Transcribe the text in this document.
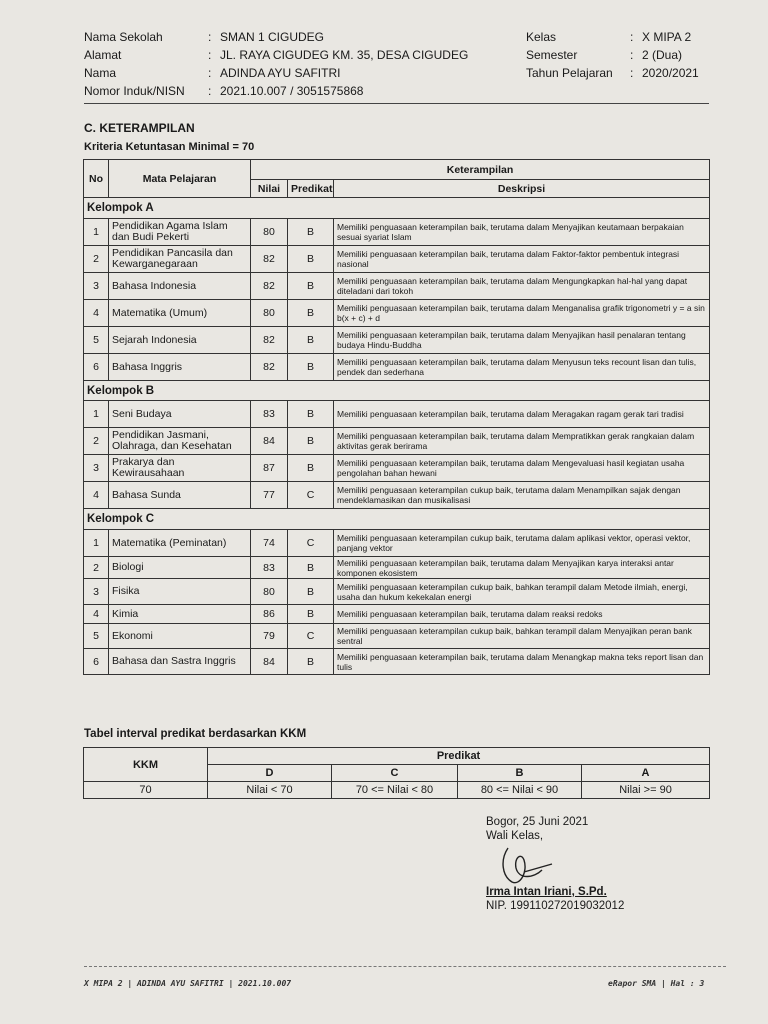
Nama Sekolah	: SMAN 1 CIGUDEG	Kelas	: X MIPA 2
Alamat	: JL. RAYA CIGUDEG KM. 35, DESA CIGUDEG	Semester	: 2 (Dua)
Nama	: ADINDA AYU SAFITRI	Tahun Pelajaran : 2020/2021
Nomor Induk/NISN : 2021.10.007 / 3051575868
C. KETERAMPILAN
Kriteria Ketuntasan Minimal = 70
No	Mata Pelajaran	Keterampilan		
		Nilai	Predikat	Deskripsi
Kelompok A				
1	Pendidikan Agama Islam dan Budi Pekerti	80	B	Memiliki penguasaan keterampilan baik, terutama dalam Menyajikan keutamaan berpakaian sesuai syariat Islam
2	Pendidikan Pancasila dan Kewarganegaraan	82	B	Memiliki penguasaan keterampilan baik, terutama dalam Faktor-faktor pembentuk integrasi nasional
3	Bahasa Indonesia	82	B	Memiliki penguasaan keterampilan baik, terutama dalam Mengungkapkan hal-hal yang dapat diteladani dari tokoh
4	Matematika (Umum)	80	B	Memiliki penguasaan keterampilan baik, terutama dalam Menganalisa grafik trigonometri y = a sin b(x + c) + d
5	Sejarah Indonesia	82	B	Memiliki penguasaan keterampilan baik, terutama dalam Menyajikan hasil penalaran tentang budaya Hindu-Buddha
6	Bahasa Inggris	82	B	Memiliki penguasaan keterampilan baik, terutama dalam Menyusun teks recount lisan dan tulis, pendek dan sederhana
Kelompok B				
1	Seni Budaya	83	B	Memiliki penguasaan keterampilan baik, terutama dalam Meragakan ragam gerak tari tradisi
2	Pendidikan Jasmani, Olahraga, dan Kesehatan	84	B	Memiliki penguasaan keterampilan baik, terutama dalam Mempratikkan gerak rangkaian dalam aktivitas gerak berirama
3	Prakarya dan Kewirausahaan	87	B	Memiliki penguasaan keterampilan baik, terutama dalam Mengevaluasi hasil kegiatan usaha pengolahan bahan hewani
4	Bahasa Sunda	77	C	Memiliki penguasaan keterampilan cukup baik, terutama dalam Menampilkan sajak dengan mendeklamasikan dan musikalisasi
Kelompok C				
1	Matematika (Peminatan)	74	C	Memiliki penguasaan keterampilan cukup baik, terutama dalam aplikasi vektor, operasi vektor, panjang vektor
2	Biologi	83	B	Memiliki penguasaan keterampilan baik, terutama dalam Menyajikan karya interaksi antar komponen ekosistem
3	Fisika	80	B	Memiliki penguasaan keterampilan cukup baik, bahkan terampil dalam Metode ilmiah, energi, usaha dan hukum kekekalan energi
4	Kimia	86	B	Memiliki penguasaan keterampilan baik, terutama dalam reaksi redoks
5	Ekonomi	79	C	Memiliki penguasaan keterampilan cukup baik, bahkan terampil dalam Menyajikan peran bank sentral
6	Bahasa dan Sastra Inggris	84	B	Memiliki penguasaan keterampilan baik, terutama dalam Menangkap makna teks report lisan dan tulis
Tabel interval predikat berdasarkan KKM
KKM	Predikat			
	D	C	B	A
70	Nilai < 70	70 <= Nilai < 80	80 <= Nilai < 90	Nilai >= 90
Bogor, 25 Juni 2021
Wali Kelas,
Irma Intan Iriani, S.Pd.
NIP. 199110272019032012
X MIPA 2 | ADINDA AYU SAFITRI | 2021.10.007	eRapor SMA | Hal : 3
